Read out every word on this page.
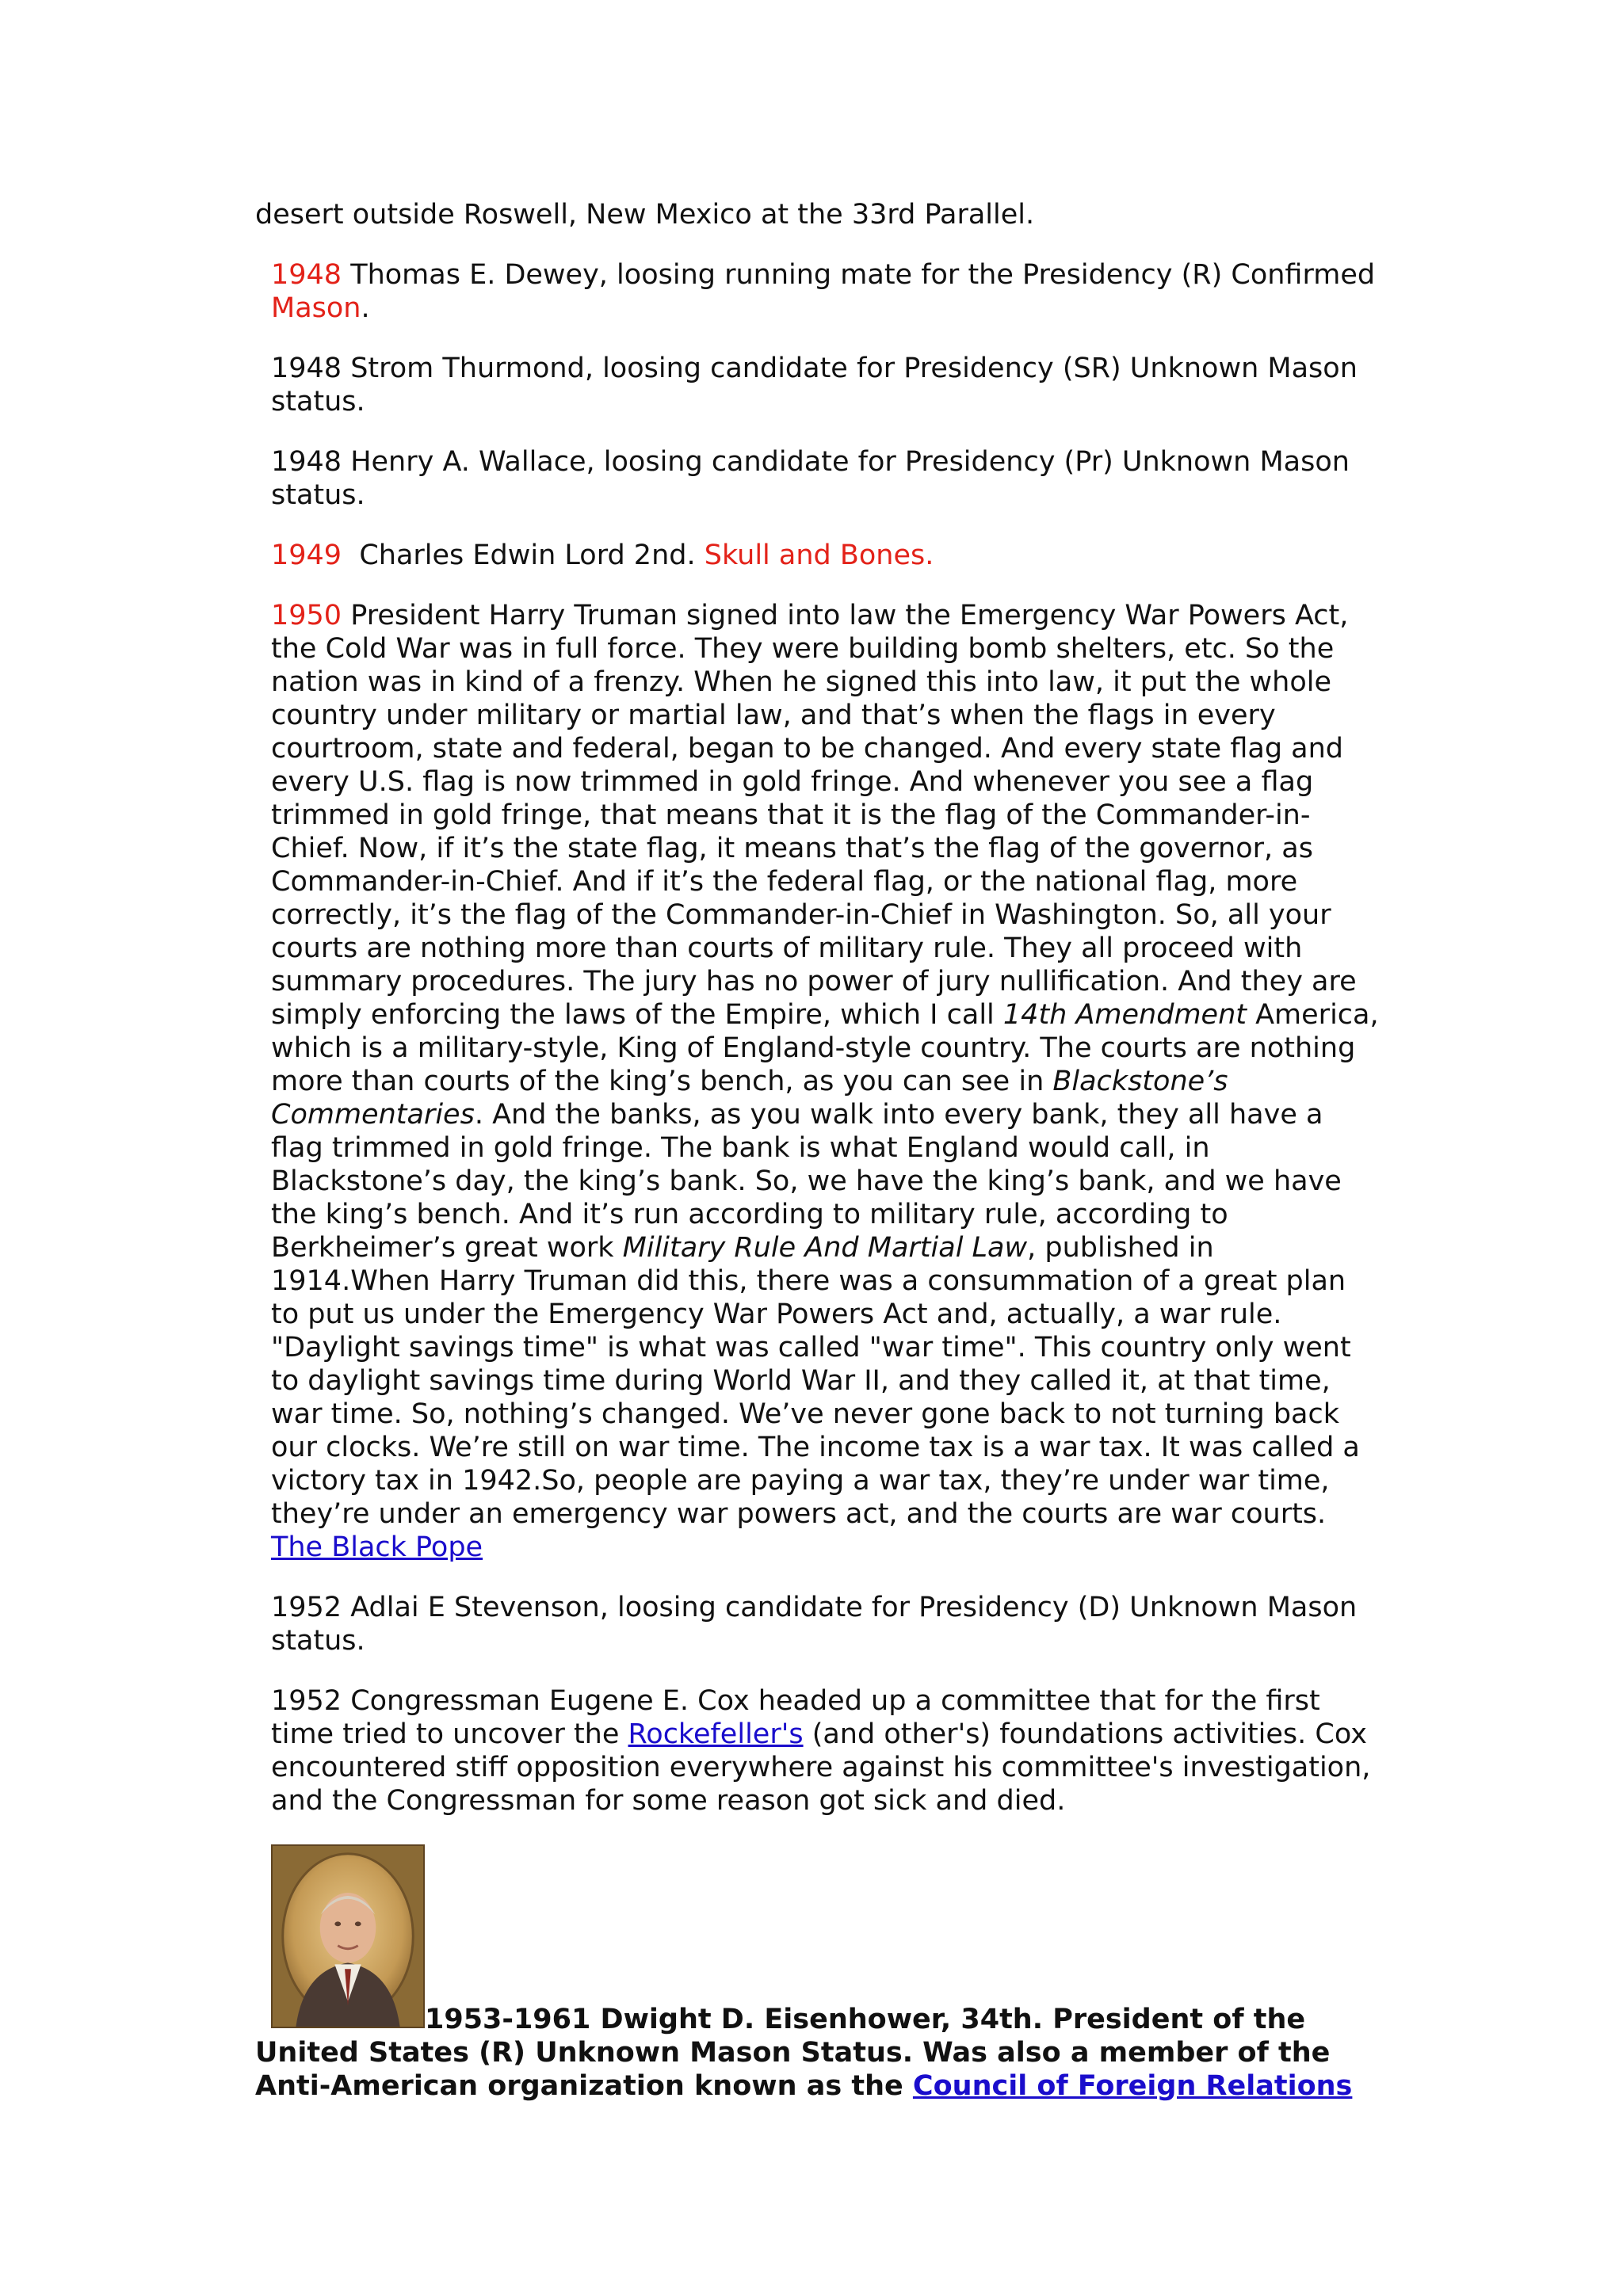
desert outside Roswell, New Mexico at the 33rd Parallel.

1948 Thomas E. Dewey, loosing running mate for the Presidency (R) Confirmed Mason.

1948 Strom Thurmond, loosing candidate for Presidency (SR) Unknown Mason status.

1948 Henry A. Wallace, loosing candidate for Presidency (Pr) Unknown Mason status.

1949  Charles Edwin Lord 2nd. Skull and Bones.

1950 President Harry Truman signed into law the Emergency War Powers Act, the Cold War was in full force. They were building bomb shelters, etc. So the nation was in kind of a frenzy. When he signed this into law, it put the whole country under military or martial law, and that’s when the flags in every courtroom, state and federal, began to be changed. And every state flag and every U.S. flag is now trimmed in gold fringe. And whenever you see a flag trimmed in gold fringe, that means that it is the flag of the Commander-in-Chief. Now, if it’s the state flag, it means that’s the flag of the governor, as Commander-in-Chief. And if it’s the federal flag, or the national flag, more correctly, it’s the flag of the Commander-in-Chief in Washington. So, all your courts are nothing more than courts of military rule. They all proceed with summary procedures. The jury has no power of jury nullification. And they are simply enforcing the laws of the Empire, which I call 14th Amendment America, which is a military-style, King of England-style country. The courts are nothing more than courts of the king’s bench, as you can see in Blackstone’s Commentaries. And the banks, as you walk into every bank, they all have a flag trimmed in gold fringe. The bank is what England would call, in Blackstone’s day, the king’s bank. So, we have the king’s bank, and we have the king’s bench. And it’s run according to military rule, according to Berkheimer’s great work Military Rule And Martial Law, published in 1914.When Harry Truman did this, there was a consummation of a great plan to put us under the Emergency War Powers Act and, actually, a war rule. "Daylight savings time" is what was called "war time". This country only went to daylight savings time during World War II, and they called it, at that time, war time. So, nothing’s changed. We’ve never gone back to not turning back our clocks. We’re still on war time. The income tax is a war tax. It was called a victory tax in 1942.So, people are paying a war tax, they’re under war time, they’re under an emergency war powers act, and the courts are war courts. The Black Pope

1952 Adlai E Stevenson, loosing candidate for Presidency (D) Unknown Mason status.

1952 Congressman Eugene E. Cox headed up a committee that for the first time tried to uncover the Rockefeller's (and other's) foundations activities. Cox encountered stiff opposition everywhere against his committee's investigation, and the Congressman for some reason got sick and died.

1953-1961 Dwight D. Eisenhower, 34th. President of the United States (R) Unknown Mason Status. Was also a member of the Anti-American organization known as the Council of Foreign Relations
